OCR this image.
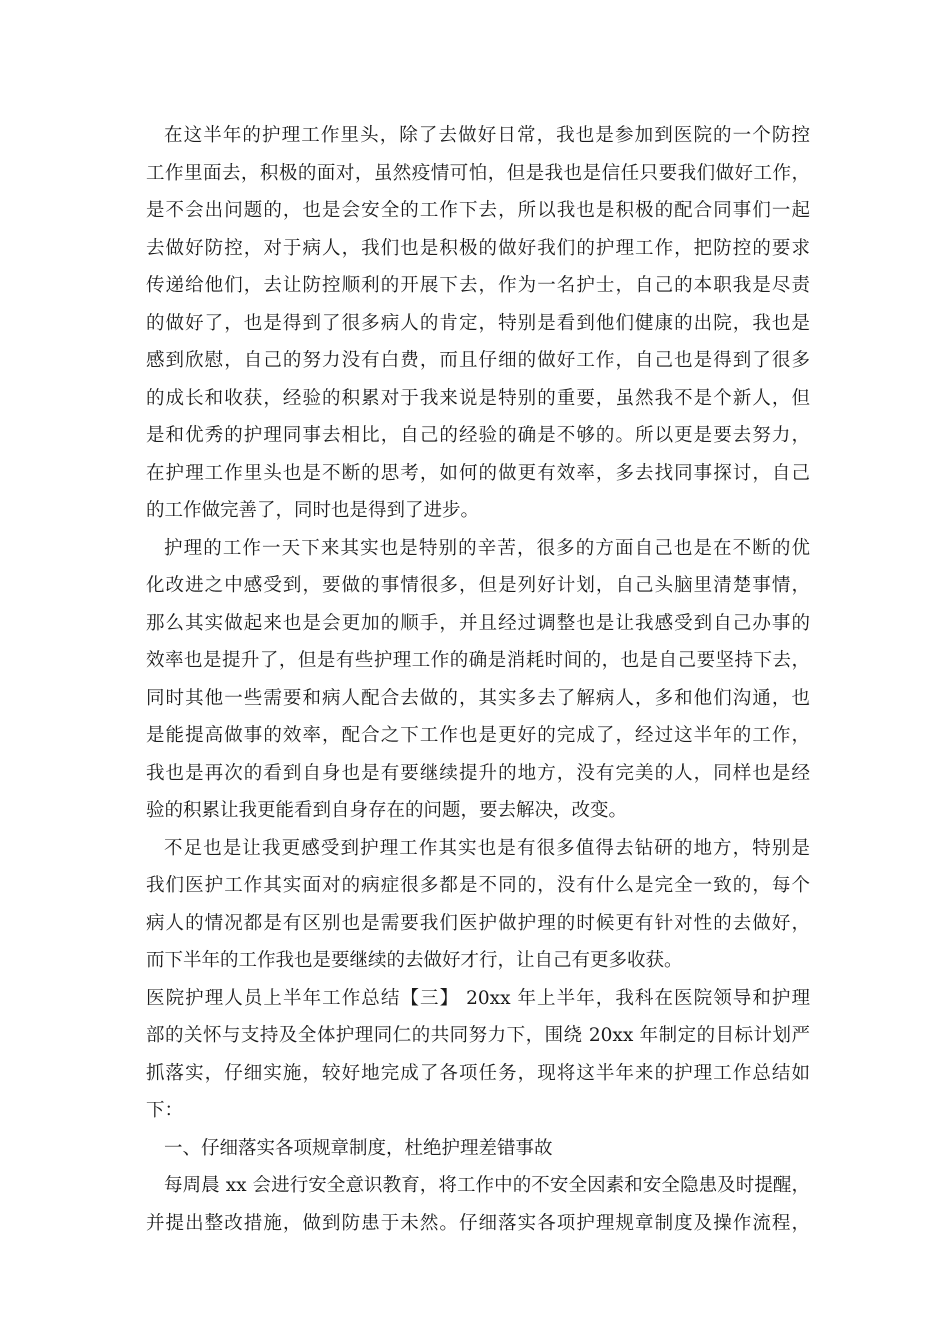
在这半年的护理工作里头，除了去做好日常，我也是参加到医院的一个防控
工作里面去，积极的面对，虽然疫情可怕，但是我也是信任只要我们做好工作，
是不会出问题的，也是会安全的工作下去，所以我也是积极的配合同事们一起
去做好防控，对于病人，我们也是积极的做好我们的护理工作，把防控的要求
传递给他们，去让防控顺利的开展下去，作为一名护士，自己的本职我是尽责
的做好了，也是得到了很多病人的肯定，特别是看到他们健康的出院，我也是
感到欣慰，自己的努力没有白费，而且仔细的做好工作，自己也是得到了很多
的成长和收获，经验的积累对于我来说是特别的重要，虽然我不是个新人，但
是和优秀的护理同事去相比，自己的经验的确是不够的。所以更是要去努力，
在护理工作里头也是不断的思考，如何的做更有效率，多去找同事探讨，自己
的工作做完善了，同时也是得到了进步。
护理的工作一天下来其实也是特别的辛苦，很多的方面自己也是在不断的优
化改进之中感受到，要做的事情很多，但是列好计划，自己头脑里清楚事情，
那么其实做起来也是会更加的顺手，并且经过调整也是让我感受到自己办事的
效率也是提升了，但是有些护理工作的确是消耗时间的，也是自己要坚持下去，
同时其他一些需要和病人配合去做的，其实多去了解病人，多和他们沟通，也
是能提高做事的效率，配合之下工作也是更好的完成了，经过这半年的工作，
我也是再次的看到自身也是有要继续提升的地方，没有完美的人，同样也是经
验的积累让我更能看到自身存在的问题，要去解决，改变。
不足也是让我更感受到护理工作其实也是有很多值得去钻研的地方，特别是
我们医护工作其实面对的病症很多都是不同的，没有什么是完全一致的，每个
病人的情况都是有区别也是需要我们医护做护理的时候更有针对性的去做好，
而下半年的工作我也是要继续的去做好才行，让自己有更多收获。
医院护理人员上半年工作总结【三】 20xx 年上半年，我科在医院领导和护理
部的关怀与支持及全体护理同仁的共同努力下，围绕 20xx 年制定的目标计划严
抓落实，仔细实施，较好地完成了各项任务，现将这半年来的护理工作总结如
下：
一、仔细落实各项规章制度，杜绝护理差错事故
每周晨 xx 会进行安全意识教育，将工作中的不安全因素和安全隐患及时提醒，
并提出整改措施，做到防患于未然。仔细落实各项护理规章制度及操作流程，
